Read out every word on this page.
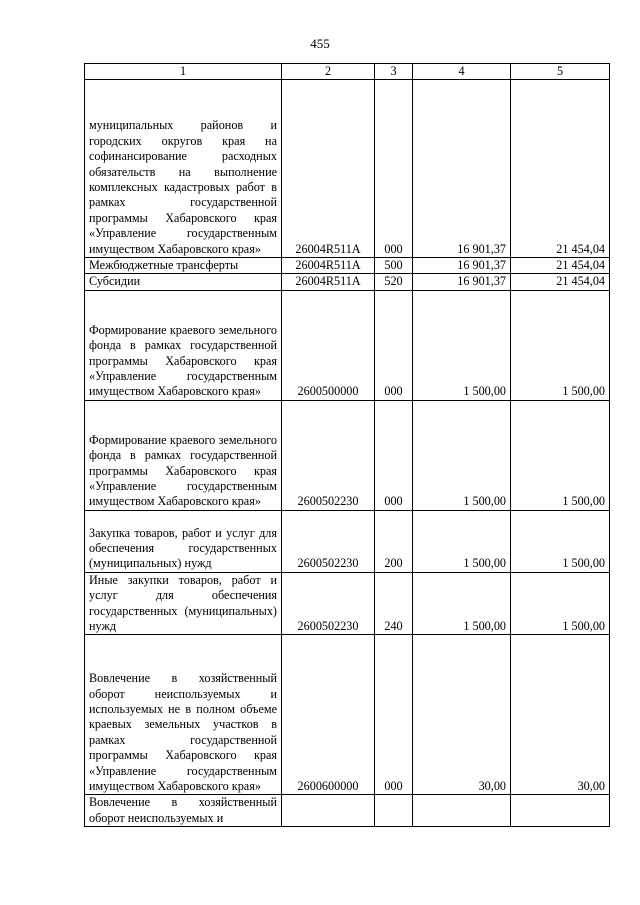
455
1	2	3	4	5
муниципальных районов и городских округов края на софинансирование расходных обязательств на выполнение комплексных кадастровых работ в рамках государственной программы Хабаровского края «Управление государственным имуществом Хабаровского края»	26004R511A	000	16 901,37	21 454,04
Межбюджетные трансферты	26004R511A	500	16 901,37	21 454,04
Субсидии	26004R511A	520	16 901,37	21 454,04
Формирование краевого земельного фонда в рамках государственной программы Хабаровского края «Управление государственным имуществом Хабаровского края»	2600500000	000	1 500,00	1 500,00
Формирование краевого земельного фонда в рамках государственной программы Хабаровского края «Управление государственным имуществом Хабаровского края»	2600502230	000	1 500,00	1 500,00
Закупка товаров, работ и услуг для обеспечения государственных (муниципальных) нужд	2600502230	200	1 500,00	1 500,00
Иные закупки товаров, работ и услуг для обеспечения государственных (муниципальных) нужд	2600502230	240	1 500,00	1 500,00
Вовлечение в хозяйственный оборот неиспользуемых и используемых не в полном объеме краевых земельных участков в рамках государственной программы Хабаровского края «Управление государственным имуществом Хабаровского края»	2600600000	000	30,00	30,00
Вовлечение в хозяйственный оборот неиспользуемых и				
